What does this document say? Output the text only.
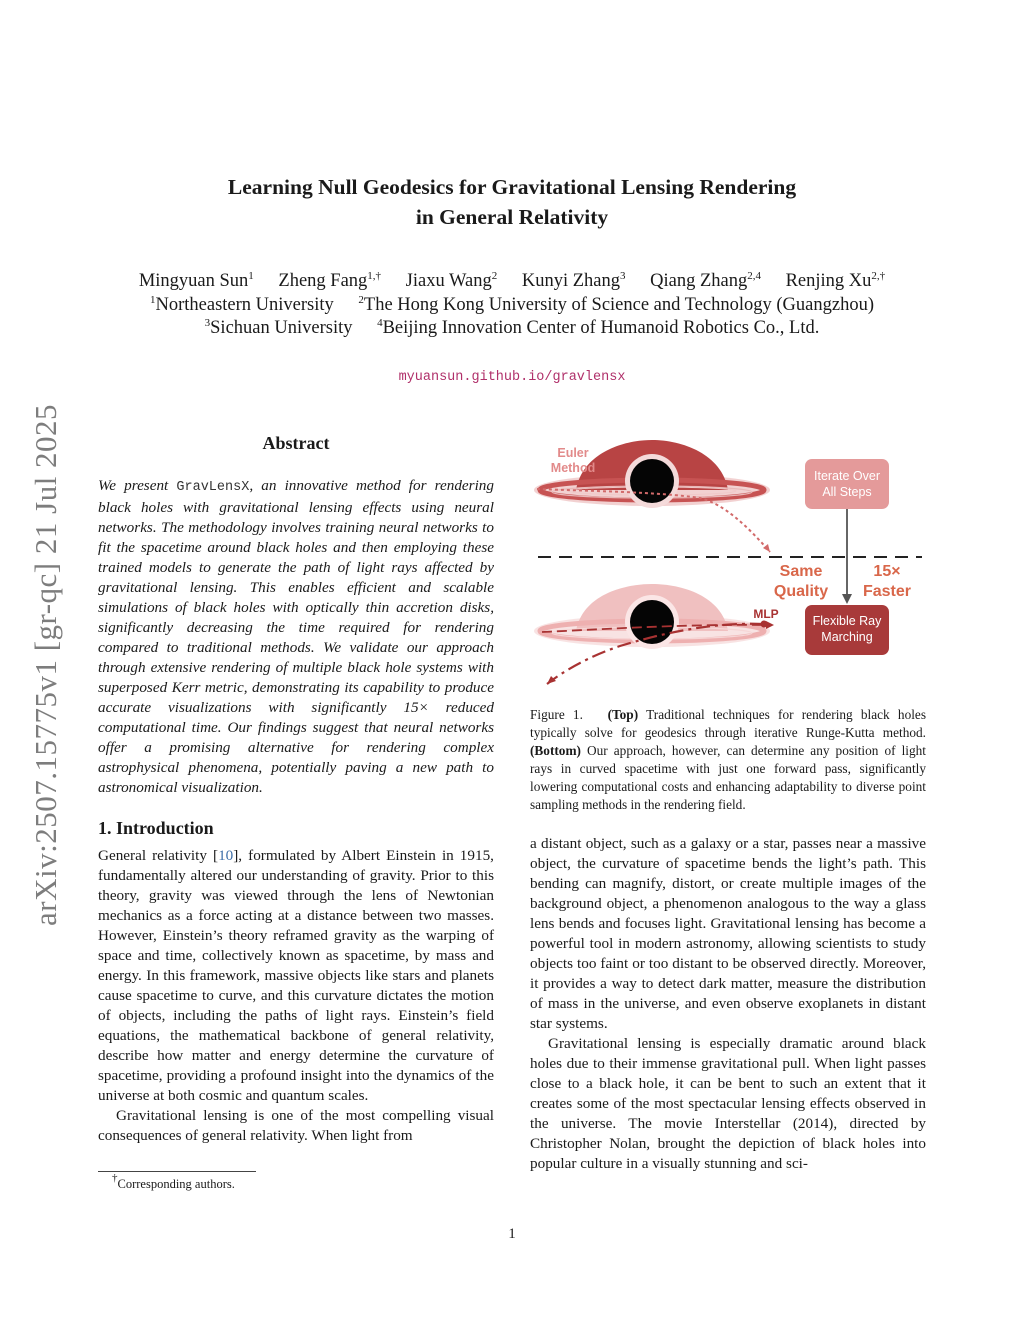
arXiv:2507.15775v1 [gr-qc] 21 Jul 2025
Learning Null Geodesics for Gravitational Lensing Rendering
in General Relativity
Mingyuan Sun$^1$ Zheng Fang$^{1,\dagger}$ Jiaxu Wang$^2$ Kunyi Zhang$^3$ Qiang Zhang$^{2,4}$ Renjing $Xu^{2,\dagger}$
$^1$Northeastern University $^2$The Hong Kong University of Science and Technology (Guangzhou)
$^3$Sichuan University $^4$Beijing Innovation Center of Humanoid Robotics Co., Ltd.
myuansun.github.io/gravlensx
Abstract
We present GravLensX, an innovative method for rendering black holes with gravitational lensing effects using neural networks. The methodology involves training neural networks to fit the spacetime around black holes and then employing these trained models to generate the path of light rays affected by gravitational lensing. This enables efficient and scalable simulations of black holes with optically thin accretion disks, significantly decreasing the time required for rendering compared to traditional methods. We validate our approach through extensive rendering of multiple black hole systems with superposed Kerr metric, demonstrating its capability to produce accurate visualizations with significantly 15× reduced computational time. Our findings suggest that neural networks offer a promising alternative for rendering complex astrophysical phenomena, potentially paving a new path to astronomical visualization.
1. Introduction

General relativity [10], formulated by Albert Einstein in 1915, fundamentally altered our understanding of gravity. Prior to this theory, gravity was viewed through the lens of Newtonian mechanics as a force acting at a distance between two masses. However, Einstein’s theory reframed gravity as the warping of space and time, collectively known as spacetime, by mass and energy. In this framework, massive objects like stars and planets cause spacetime to curve, and this curvature dictates the motion of objects, including the paths of light rays. Einstein’s field equations, the mathematical backbone of general relativity, describe how matter and energy determine the curvature of spacetime, providing a profound insight into the dynamics of the universe at both cosmic and quantum scales.

Gravitational lensing is one of the most compelling visual consequences of general relativity. When light from

†Corresponding authors.
Euler
Method
Iterate Over
All Steps
Same
Quality
15×
Faster
MLP	Flexible Ray
Marching
Figure 1. (Top) Traditional techniques for rendering black holes typically solve for geodesics through iterative Runge-Kutta method. (Bottom) Our approach, however, can determine any position of light rays in curved spacetime with just one forward pass, significantly lowering computational costs and enhancing adaptability to diverse point sampling methods in the rendering field.

a distant object, such as a galaxy or a star, passes near a massive object, the curvature of spacetime bends the light’s path. This bending can magnify, distort, or create multiple images of the background object, a phenomenon analogous to the way a glass lens bends and focuses light. Gravitational lensing has become a powerful tool in modern astronomy, allowing scientists to study objects too faint or too distant to be observed directly. Moreover, it provides a way to detect dark matter, measure the distribution of mass in the universe, and even observe exoplanets in distant star systems.

Gravitational lensing is especially dramatic around black holes due to their immense gravitational pull. When light passes close to a black hole, it can be bent to such an extent that it creates some of the most spectacular lensing effects observed in the universe. The movie Interstellar (2014), directed by Christopher Nolan, brought the depiction of black holes into popular culture in a visually stunning and sci-

1
